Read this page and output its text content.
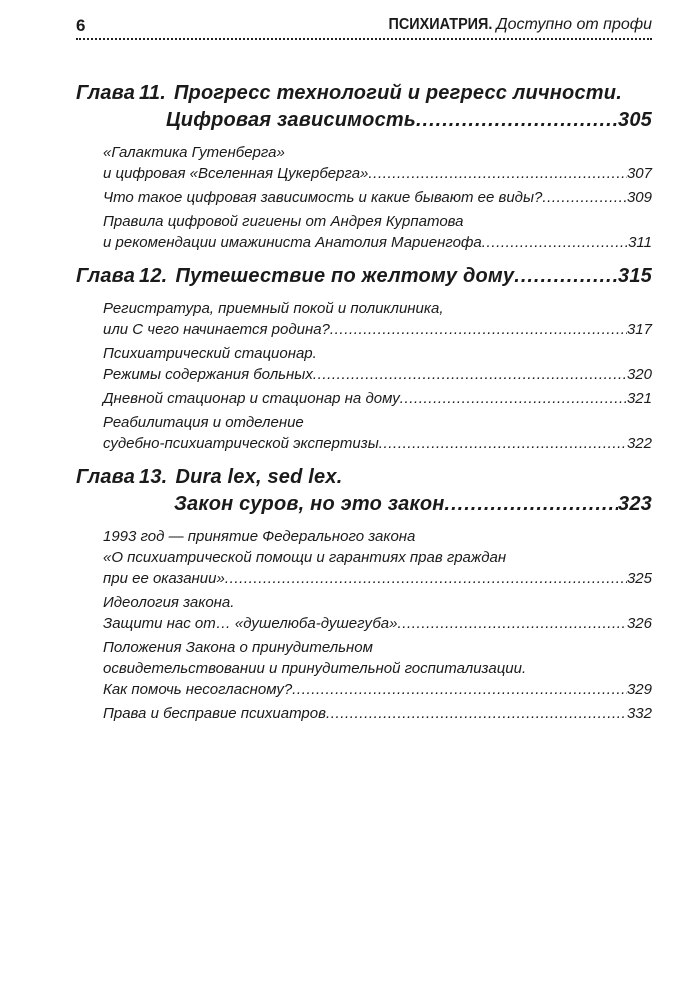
6	ПСИХИАТРИЯ. Доступно от профи
Глава 11. Прогресс технологий и регресс личности.
Цифровая зависимость .....	305
«Галактика Гутенберга»
и цифровая «Вселенная Цукерберга» .....	307
Что такое цифровая зависимость и какие бывают ее виды? .....	309
Правила цифровой гигиены от Андрея Курпатова
и рекомендации имажиниста Анатолия Мариенгофа .....	311
Глава 12. Путешествие по желтому дому .....	315
Регистратура, приемный покой и поликлиника,
или С чего начинается родина? .....	317
Психиатрический стационар.
Режимы содержания больных .....	320
Дневной стационар и стационар на дому .....	321
Реабилитация и отделение
судебно-психиатрической экспертизы .....	322
Глава 13. Dura lex, sed lex.
Закон суров, но это закон .....	323
1993 год — принятие Федерального закона
«О психиатрической помощи и гарантиях прав граждан
при ее оказании» .....	325
Идеология закона.
Защити нас от… «душелюба-душегуба» .....	326
Положения Закона о принудительном
освидетельствовании и принудительной госпитализации.
Как помочь несогласному? .....	329
Права и бесправие психиатров .....	332
